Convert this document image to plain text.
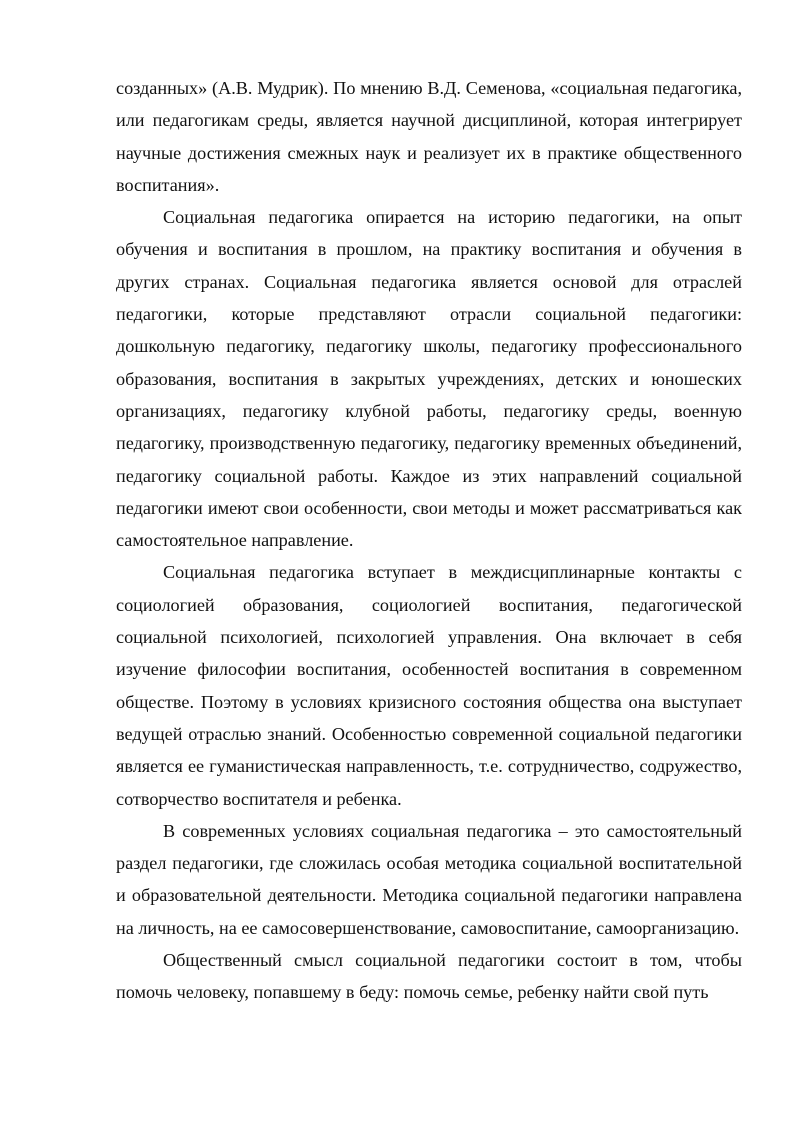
созданных» (А.В. Мудрик). По мнению В.Д. Семенова, «социальная педагогика, или педагогикам среды, является научной дисциплиной, которая интегрирует научные достижения смежных наук и реализует их в практике общественного воспитания».

Социальная педагогика опирается на историю педагогики, на опыт обучения и воспитания в прошлом, на практику воспитания и обучения в других странах. Социальная педагогика является основой для отраслей педагогики, которые представляют отрасли социальной педагогики: дошкольную педагогику, педагогику школы, педагогику профессионального образования, воспитания в закрытых учреждениях, детских и юношеских организациях, педагогику клубной работы, педагогику среды, военную педагогику, производственную педагогику, педагогику временных объединений, педагогику социальной работы. Каждое из этих направлений социальной педагогики имеют свои особенности, свои методы и может рассматриваться как самостоятельное направление.

Социальная педагогика вступает в междисциплинарные контакты с социологией образования, социологией воспитания, педагогической социальной психологией, психологией управления. Она включает в себя изучение философии воспитания, особенностей воспитания в современном обществе. Поэтому в условиях кризисного состояния общества она выступает ведущей отраслью знаний. Особенностью современной социальной педагогики является ее гуманистическая направленность, т.е. сотрудничество, содружество, сотворчество воспитателя и ребенка.

В современных условиях социальная педагогика – это самостоятельный раздел педагогики, где сложилась особая методика социальной воспитательной и образовательной деятельности. Методика социальной педагогики направлена на личность, на ее самосовершенствование, самовоспитание, самоорганизацию.

Общественный смысл социальной педагогики состоит в том, чтобы помочь человеку, попавшему в беду: помочь семье, ребенку найти свой путь
